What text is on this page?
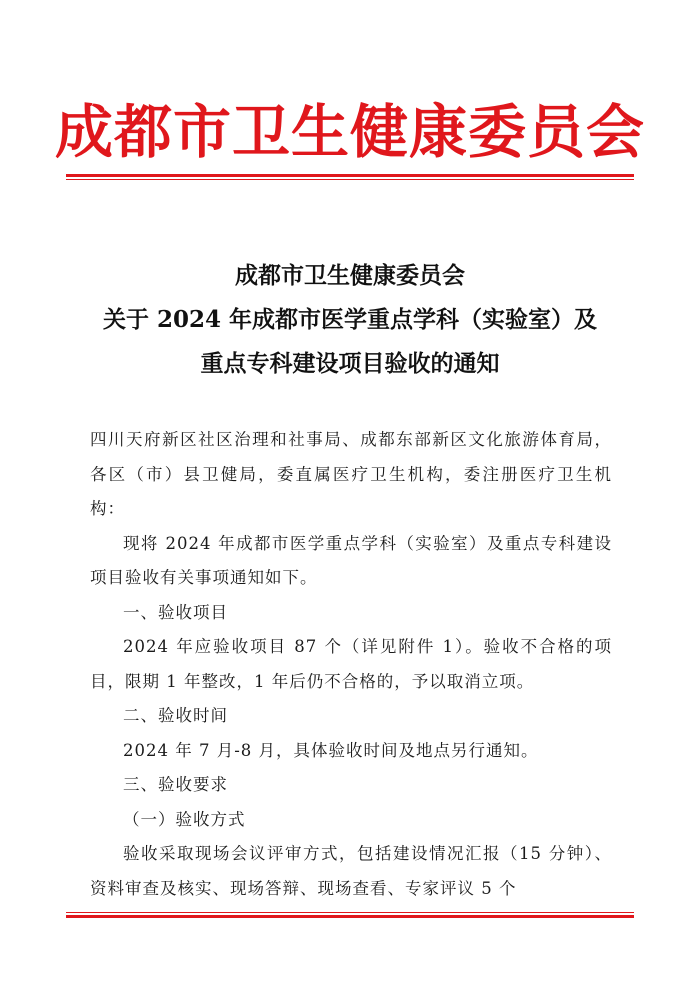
成都市卫生健康委员会
成都市卫生健康委员会
关于 2024 年成都市医学重点学科（实验室）及
重点专科建设项目验收的通知

四川天府新区社区治理和社事局、成都东部新区文化旅游体育局，各区（市）县卫健局，委直属医疗卫生机构，委注册医疗卫生机构：

现将 2024 年成都市医学重点学科（实验室）及重点专科建设项目验收有关事项通知如下。

一、验收项目

2024 年应验收项目 87 个（详见附件 1）。验收不合格的项目，限期 1 年整改，1 年后仍不合格的，予以取消立项。

二、验收时间

2024 年 7 月-8 月，具体验收时间及地点另行通知。

三、验收要求

（一）验收方式

验收采取现场会议评审方式，包括建设情况汇报（15 分钟）、资料审查及核实、现场答辩、现场查看、专家评议 5 个
